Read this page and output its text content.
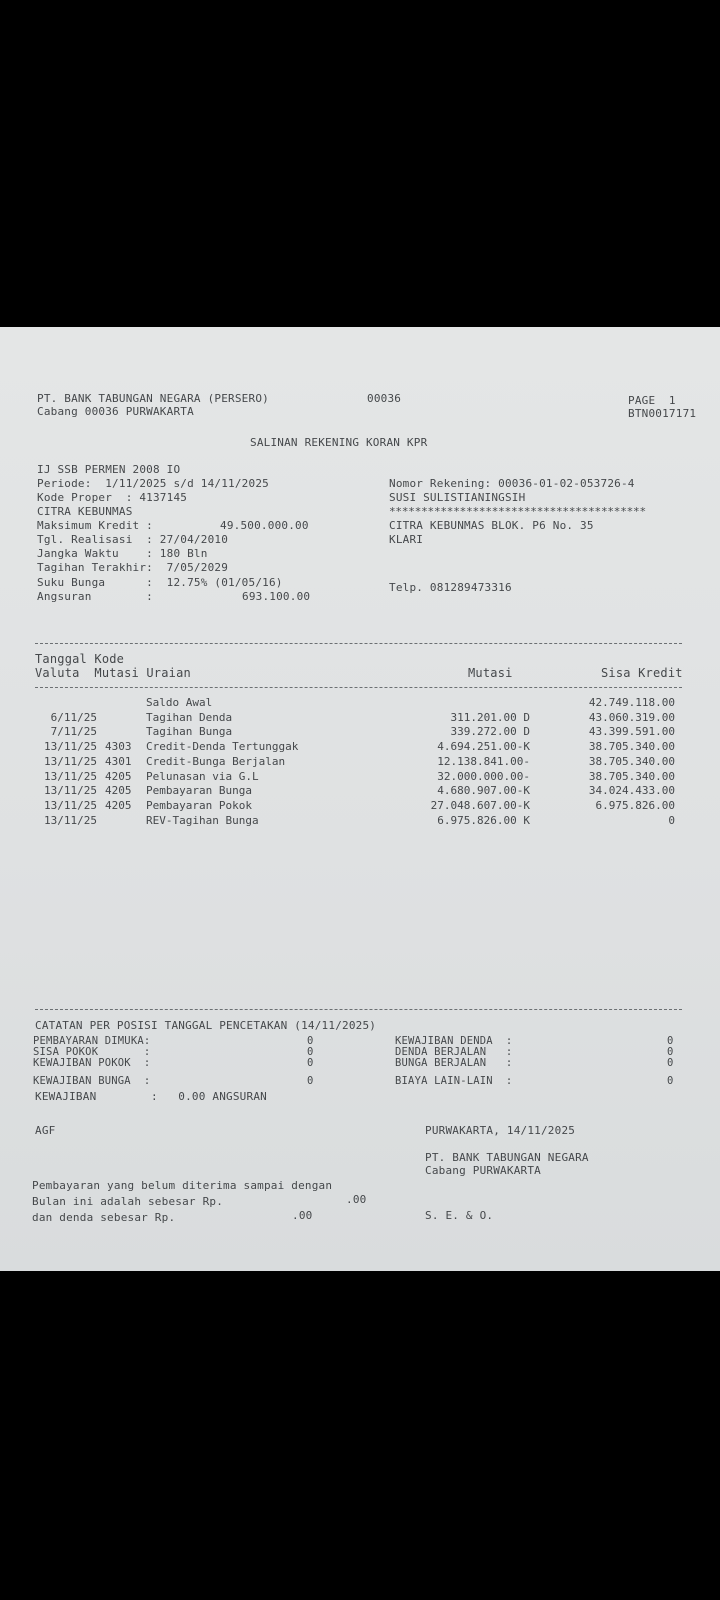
PT. BANK TABUNGAN NEGARA (PERSERO)
Cabang 00036 PURWAKARTA
00036	PAGE  1
BTN0017171
SALINAN REKENING KORAN KPR
IJ SSB PERMEN 2008 IO
Periode:  1/11/2025 s/d 14/11/2025
Kode Proper  : 4137145
CITRA KEBUNMAS
Maksimum Kredit :	49.500.000.00
Tgl. Realisasi  : 27/04/2010
Jangka Waktu    : 180 Bln
Tagihan Terakhir:  7/05/2029
Suku Bunga      :  12.75% (01/05/16)
Angsuran        :	693.100.00
Nomor Rekening: 00036-01-02-053726-4
SUSI SULISTIANINGSIH
****************************************
CITRA KEBUNMAS BLOK. P6 No. 35
KLARI
Telp. 081289473316
Tanggal Kode
Valuta  Mutasi Uraian	Mutasi	Sisa Kredit
Saldo Awal	42.749.118.00
6/11/25	Tagihan Denda	311.201.00 D	43.060.319.00
7/11/25	Tagihan Bunga	339.272.00 D	43.399.591.00
13/11/25 4303 Credit-Denda Tertunggak	4.694.251.00-K	38.705.340.00
13/11/25 4301 Credit-Bunga Berjalan	12.138.841.00-	38.705.340.00
13/11/25 4205 Pelunasan via G.L	32.000.000.00-	38.705.340.00
13/11/25 4205 Pembayaran Bunga	4.680.907.00-K	34.024.433.00
13/11/25 4205 Pembayaran Pokok	27.048.607.00-K	6.975.826.00
13/11/25	REV-Tagihan Bunga	6.975.826.00 K	0
CATATAN PER POSISI TANGGAL PENCETAKAN (14/11/2025)
PEMBAYARAN DIMUKA:	0
SISA POKOK       :	0
KEWAJIBAN POKOK  :	0
KEWAJIBAN BUNGA  :	0
KEWAJIBAN DENDA  :	0
DENDA BERJALAN   :	0
BUNGA BERJALAN   :	0
BIAYA LAIN-LAIN  :	0
KEWAJIBAN        :   0.00 ANGSURAN
AGF	PURWAKARTA, 14/11/2025
PT. BANK TABUNGAN NEGARA
Cabang PURWAKARTA
Pembayaran yang belum diterima sampai dengan
Bulan ini adalah sebesar Rp.	.00
dan denda sebesar Rp.	.00	S. E. & O.
